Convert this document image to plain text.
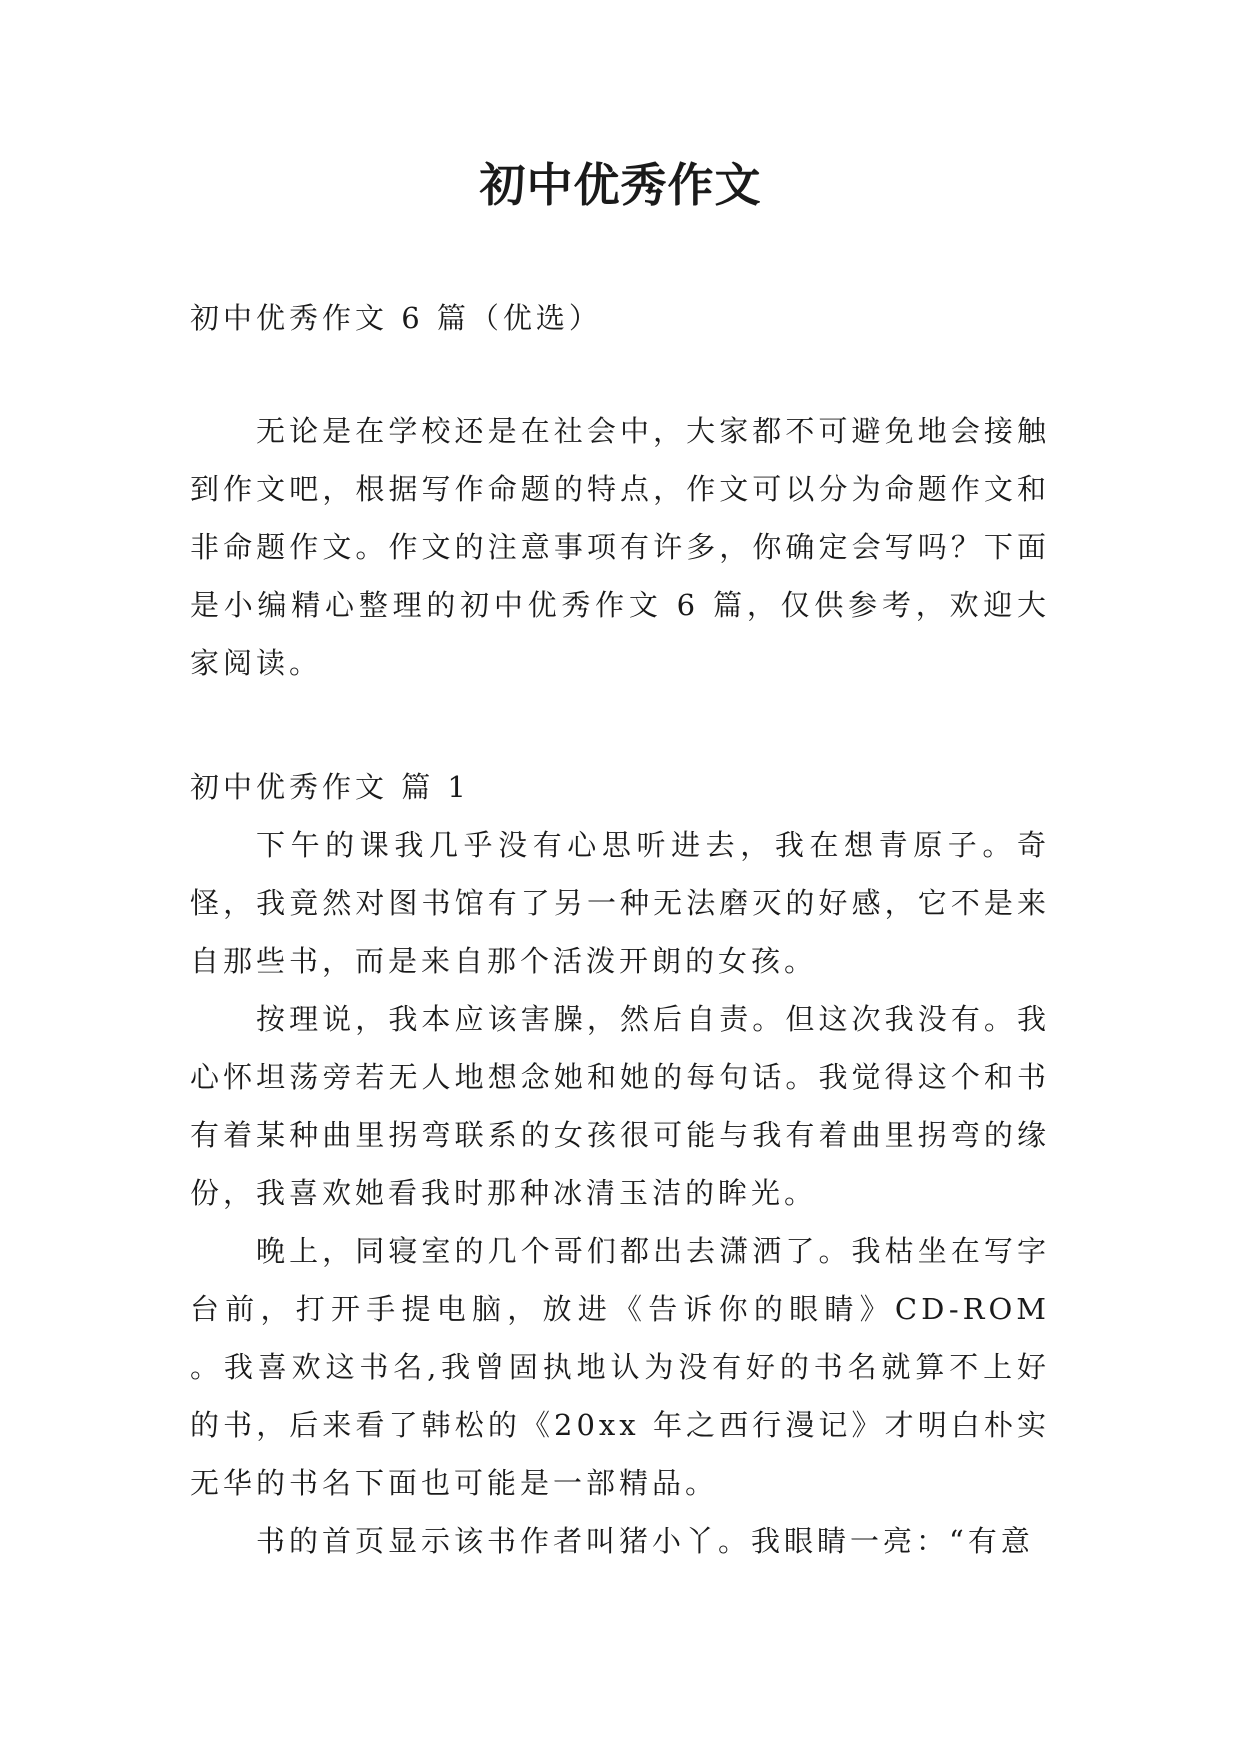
初中优秀作文

初中优秀作文 6 篇（优选）

无论是在学校还是在社会中，大家都不可避免地会接触到作文吧，根据写作命题的特点，作文可以分为命题作文和非命题作文。作文的注意事项有许多，你确定会写吗？下面是小编精心整理的初中优秀作文 6 篇，仅供参考，欢迎大家阅读。

初中优秀作文 篇 1

下午的课我几乎没有心思听进去，我在想青原子。奇怪，我竟然对图书馆有了另一种无法磨灭的好感，它不是来自那些书，而是来自那个活泼开朗的女孩。

按理说，我本应该害臊，然后自责。但这次我没有。我心怀坦荡旁若无人地想念她和她的每句话。我觉得这个和书有着某种曲里拐弯联系的女孩很可能与我有着曲里拐弯的缘份，我喜欢她看我时那种冰清玉洁的眸光。

晚上，同寝室的几个哥们都出去潇洒了。我枯坐在写字台前，打开手提电脑，放进《告诉你的眼睛》CD-ROM 。我喜欢这书名,我曾固执地认为没有好的书名就算不上好的书，后来看了韩松的《20xx 年之西行漫记》才明白朴实无华的书名下面也可能是一部精品。

书的首页显示该书作者叫猪小丫。我眼睛一亮：“有意
